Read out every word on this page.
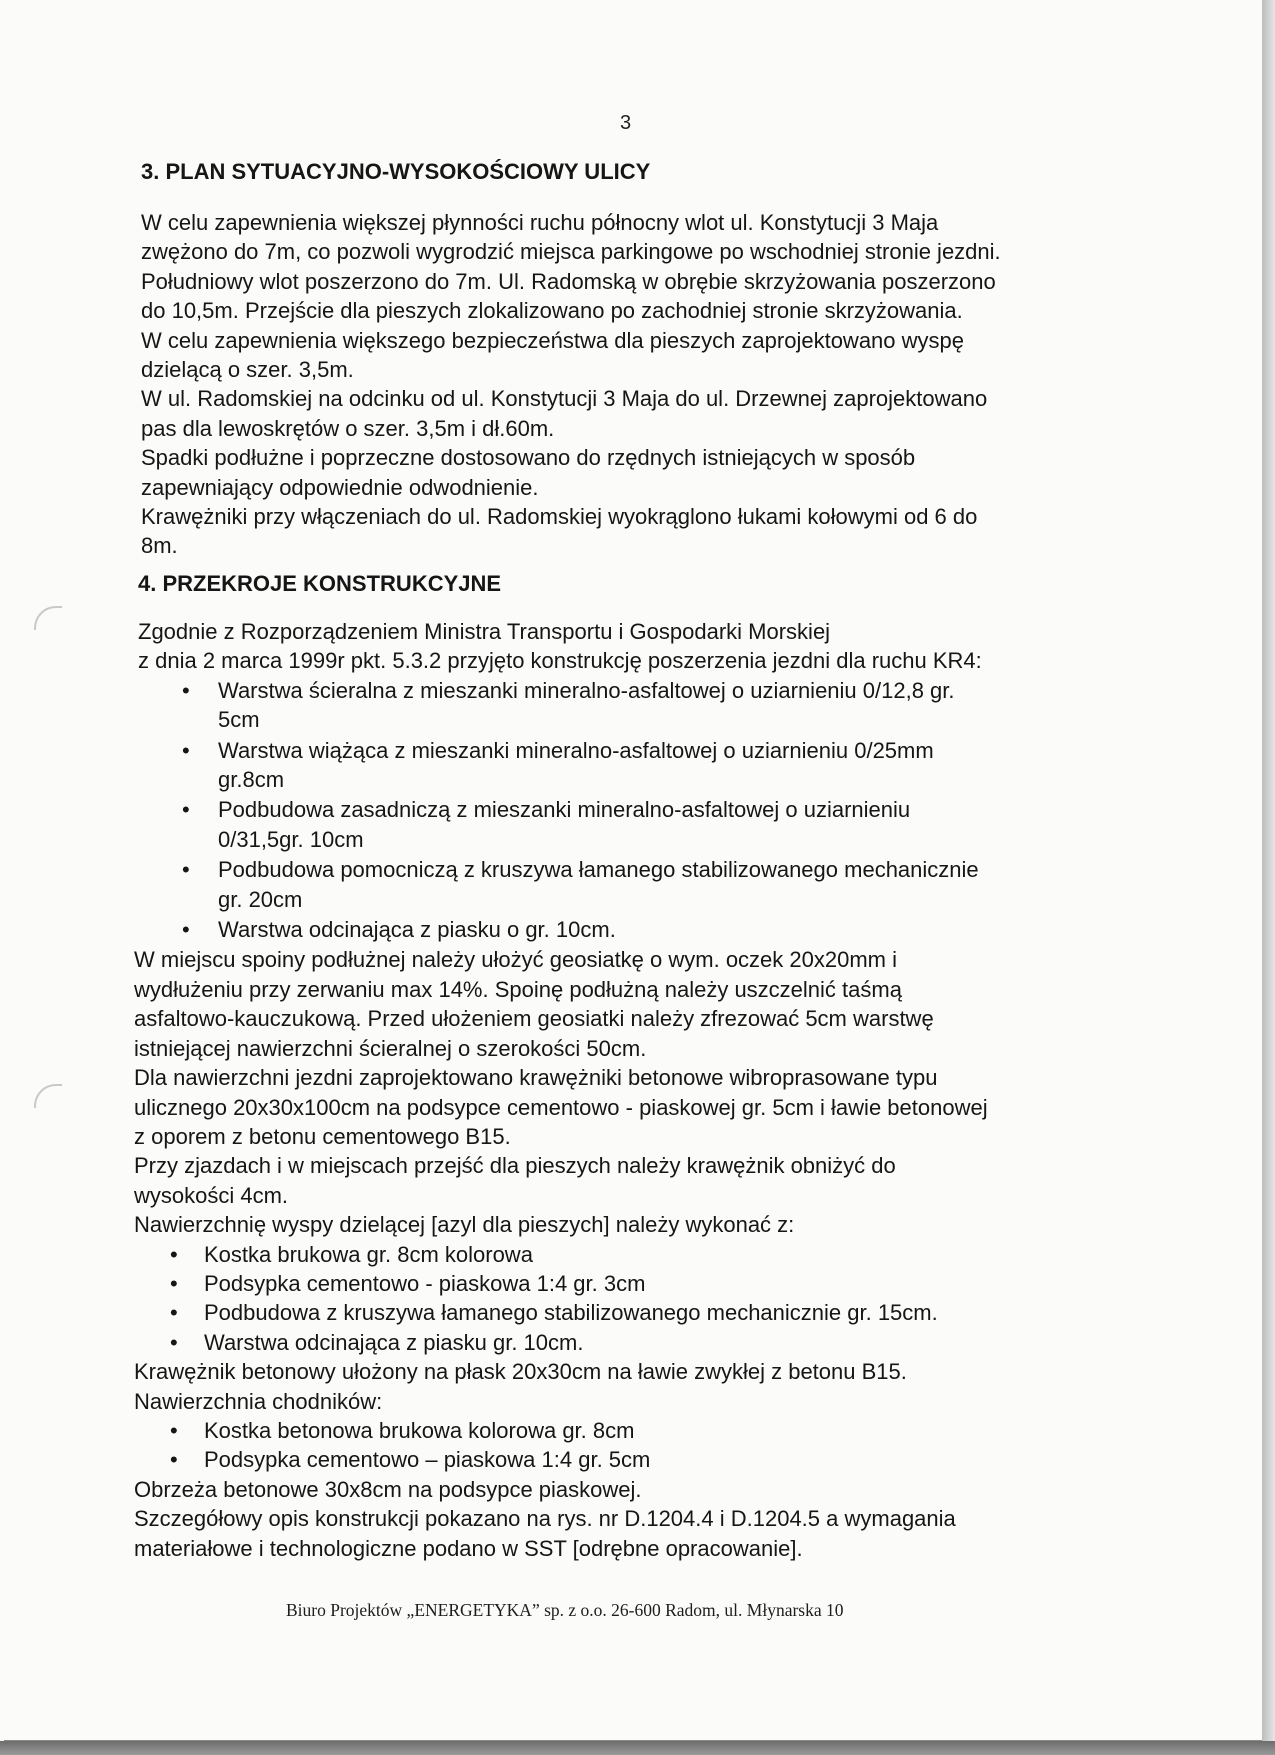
3
3. PLAN SYTUACYJNO-WYSOKOŚCIOWY ULICY
W celu zapewnienia większej płynności ruchu północny wlot ul. Konstytucji 3 Maja
zwężono do 7m, co pozwoli wygrodzić miejsca parkingowe po wschodniej stronie jezdni.
Południowy wlot poszerzono do 7m. Ul. Radomską w obrębie skrzyżowania poszerzono
do 10,5m. Przejście dla pieszych zlokalizowano po zachodniej stronie skrzyżowania.
W celu zapewnienia większego bezpieczeństwa dla pieszych zaprojektowano wyspę
dzielącą o szer. 3,5m.
W ul. Radomskiej na odcinku od ul. Konstytucji 3 Maja do ul. Drzewnej zaprojektowano
pas dla lewoskrętów o szer. 3,5m i dł.60m.
Spadki podłużne i poprzeczne dostosowano do rzędnych istniejących w sposób
zapewniający odpowiednie odwodnienie.
Krawężniki przy włączeniach do ul. Radomskiej wyokrąglono łukami kołowymi od 6 do
8m.
4. PRZEKROJE KONSTRUKCYJNE
Zgodnie z Rozporządzeniem Ministra Transportu i Gospodarki Morskiej
z dnia 2 marca 1999r pkt. 5.3.2 przyjęto konstrukcję poszerzenia jezdni dla ruchu KR4:
• Warstwa ścieralna z mieszanki mineralno-asfaltowej o uziarnieniu 0/12,8 gr.
5cm
• Warstwa wiążąca z mieszanki mineralno-asfaltowej o uziarnieniu 0/25mm
gr.8cm
• Podbudowa zasadniczą z mieszanki mineralno-asfaltowej o uziarnieniu
0/31,5gr. 10cm
• Podbudowa pomocniczą z kruszywa łamanego stabilizowanego mechanicznie
gr. 20cm
• Warstwa odcinająca z piasku o gr. 10cm.
W miejscu spoiny podłużnej należy ułożyć geosiatkę o wym. oczek 20x20mm i
wydłużeniu przy zerwaniu max 14%. Spoinę podłużną należy uszczelnić taśmą
asfaltowo-kauczukową. Przed ułożeniem geosiatki należy zfrezować 5cm warstwę
istniejącej nawierzchni ścieralnej o szerokości 50cm.
Dla nawierzchni jezdni zaprojektowano krawężniki betonowe wibroprasowane typu
ulicznego 20x30x100cm na podsypce cementowo - piaskowej gr. 5cm i ławie betonowej
z oporem z betonu cementowego B15.
Przy zjazdach i w miejscach przejść dla pieszych należy krawężnik obniżyć do
wysokości 4cm.
Nawierzchnię wyspy dzielącej [azyl dla pieszych] należy wykonać z:
• Kostka brukowa gr. 8cm kolorowa
• Podsypka cementowo - piaskowa 1:4 gr. 3cm
• Podbudowa z kruszywa łamanego stabilizowanego mechanicznie gr. 15cm.
• Warstwa odcinająca z piasku gr. 10cm.
Krawężnik betonowy ułożony na płask 20x30cm na ławie zwykłej z betonu B15.
Nawierzchnia chodników:
• Kostka betonowa brukowa kolorowa gr. 8cm
• Podsypka cementowo – piaskowa 1:4 gr. 5cm
Obrzeża betonowe 30x8cm na podsypce piaskowej.
Szczegółowy opis konstrukcji pokazano na rys. nr D.1204.4 i D.1204.5 a wymagania
materiałowe i technologiczne podano w SST [odrębne opracowanie].
Biuro Projektów „ENERGETYKA” sp. z o.o. 26-600 Radom, ul. Młynarska 10
